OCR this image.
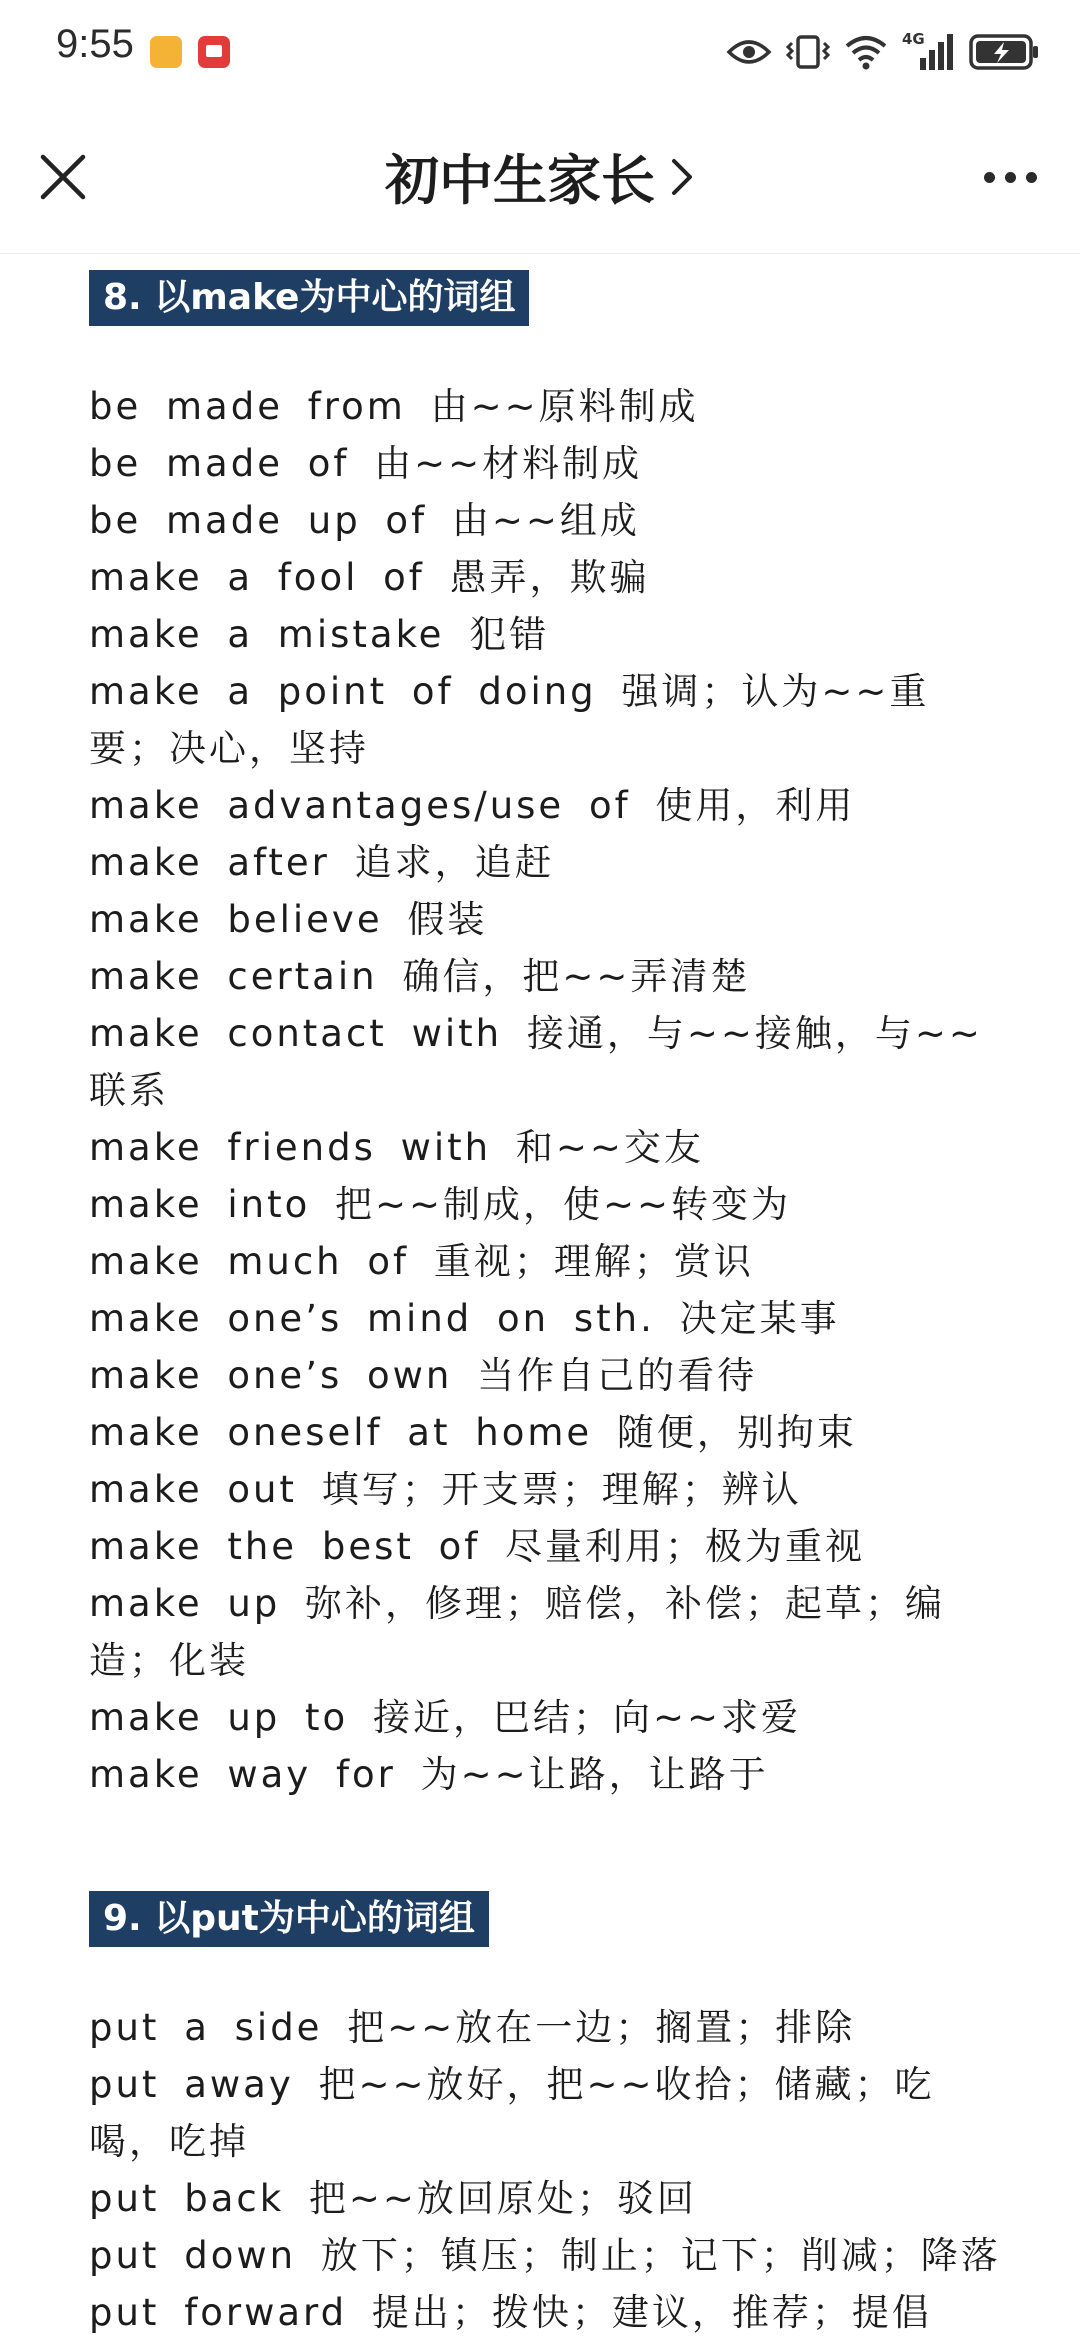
9:55	4G
初中生家长
8. 以make为中心的词组
be made from 由~~原料制成
be made of 由~~材料制成
be made up of 由~~组成
make a fool of 愚弄，欺骗
make a mistake 犯错
make a point of doing 强调；认为~~重要；决心，坚持
make advantages/use of 使用，利用
make after 追求，追赶
make believe 假装
make certain 确信，把~~弄清楚
make contact with 接通，与~~接触，与~~联系
make friends with 和~~交友
make into 把~~制成，使~~转变为
make much of 重视；理解；赏识
make one’s mind on sth. 决定某事
make one’s own 当作自己的看待
make oneself at home 随便，别拘束
make out 填写；开支票；理解；辨认
make the best of 尽量利用；极为重视
make up 弥补，修理；赔偿，补偿；起草；编造；化装
make up to 接近，巴结；向~~求爱
make way for 为~~让路，让路于
9. 以put为中心的词组
put a side 把~~放在一边；搁置；排除
put away 把~~放好，把~~收拾；储藏；吃喝，吃掉
put back 把~~放回原处；驳回
put down 放下；镇压；制止；记下；削减；降落
put forward 提出；拨快；建议，推荐；提倡
